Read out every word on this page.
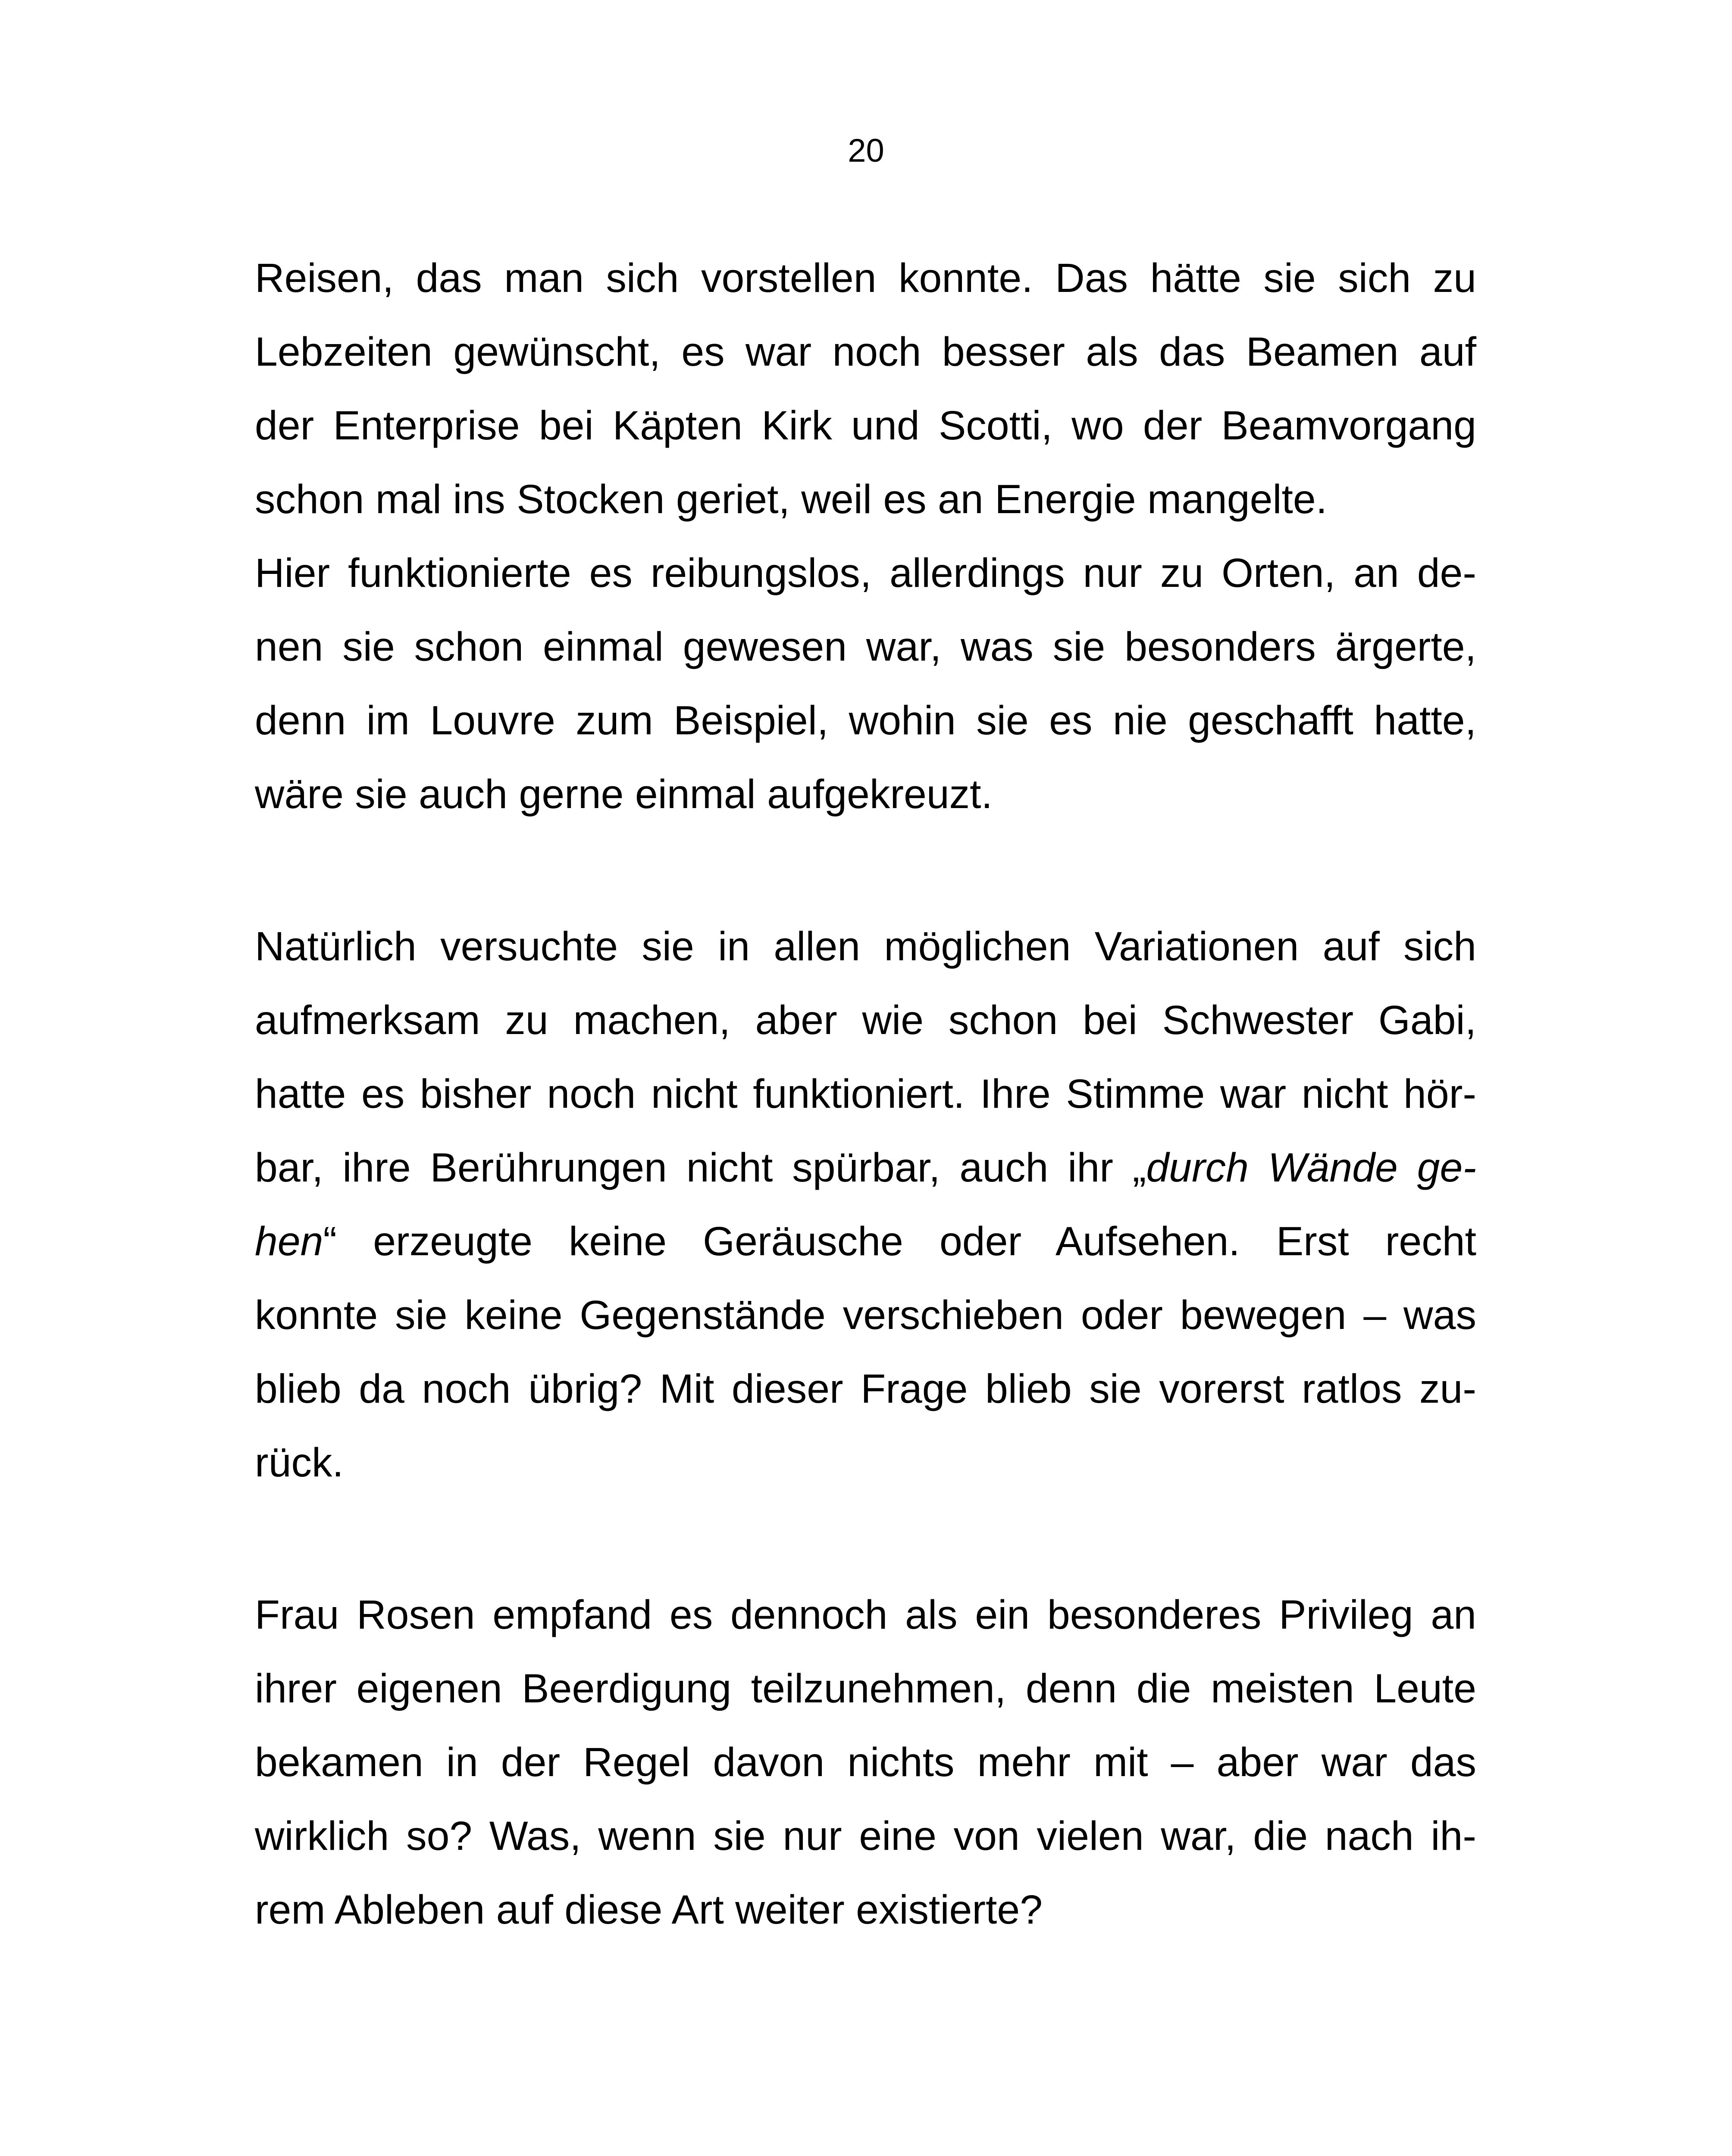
20
Reisen, das man sich vorstellen konnte. Das hätte sie sich zu
Lebzeiten gewünscht, es war noch besser als das Beamen auf
der Enterprise bei Käpten Kirk und Scotti, wo der Beamvorgang
schon mal ins Stocken geriet, weil es an Energie mangelte.
Hier funktionierte es reibungslos, allerdings nur zu Orten, an de-
nen sie schon einmal gewesen war, was sie besonders ärgerte,
denn im Louvre zum Beispiel, wohin sie es nie geschafft hatte,
wäre sie auch gerne einmal aufgekreuzt.
Natürlich versuchte sie in allen möglichen Variationen auf sich
aufmerksam zu machen, aber wie schon bei Schwester Gabi,
hatte es bisher noch nicht funktioniert. Ihre Stimme war nicht hör-
bar, ihre Berührungen nicht spürbar, auch ihr „durch Wände ge-
hen“ erzeugte keine Geräusche oder Aufsehen. Erst recht
konnte sie keine Gegenstände verschieben oder bewegen – was
blieb da noch übrig? Mit dieser Frage blieb sie vorerst ratlos zu-
rück.
Frau Rosen empfand es dennoch als ein besonderes Privileg an
ihrer eigenen Beerdigung teilzunehmen, denn die meisten Leute
bekamen in der Regel davon nichts mehr mit – aber war das
wirklich so? Was, wenn sie nur eine von vielen war, die nach ih-
rem Ableben auf diese Art weiter existierte?
